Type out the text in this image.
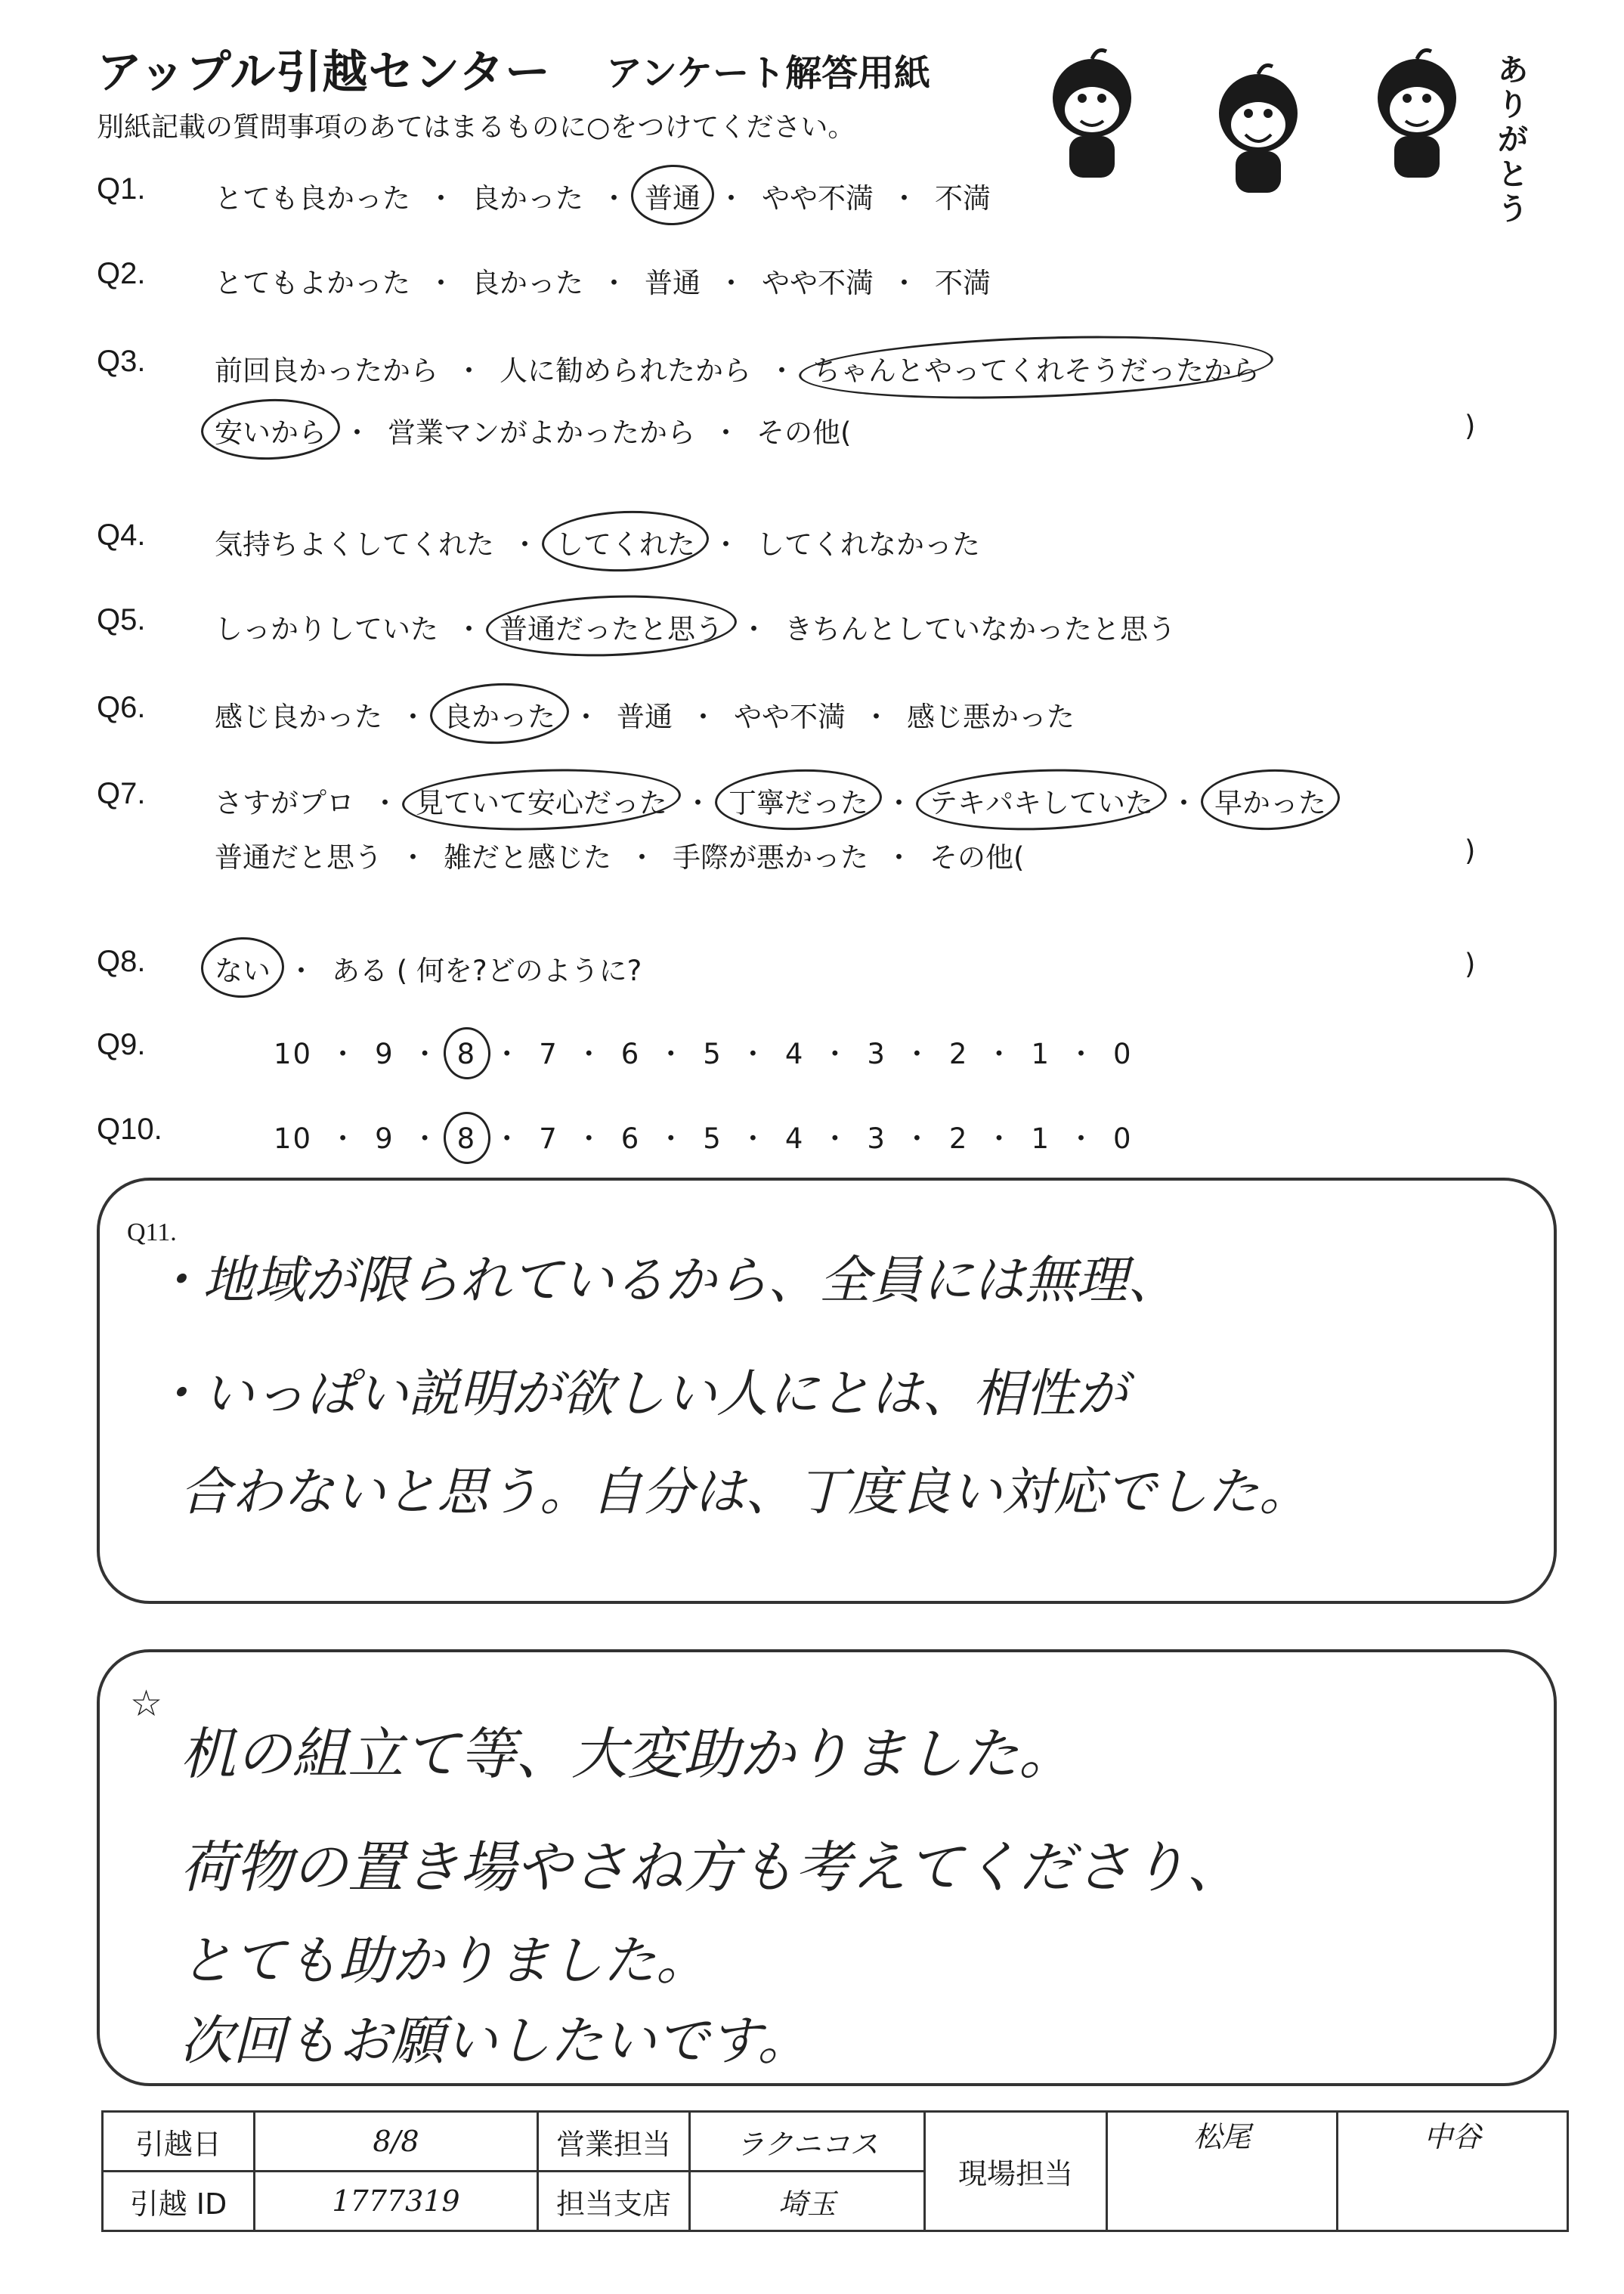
アップル引越センター アンケート解答用紙
別紙記載の質問事項のあてはまるものに○をつけてください。
ありがとう
Q1. とても良かった ・ 良かった ・ 普通 ・ やや不満 ・ 不満
Q2. とてもよかった ・ 良かった ・ 普通 ・ やや不満 ・ 不満
Q3. 前回良かったから ・ 人に勧められたから ・ ちゃんとやってくれそうだったから
安いから ・ 営業マンがよかったから ・ その他(	)
Q4. 気持ちよくしてくれた ・ してくれた ・ してくれなかった
Q5. しっかりしていた ・ 普通だったと思う ・ きちんとしていなかったと思う
Q6. 感じ良かった ・ 良かった ・ 普通 ・ やや不満 ・ 感じ悪かった
Q7. さすがプロ ・ 見ていて安心だった ・ 丁寧だった ・ テキパキしていた ・ 早かった
普通だと思う ・ 雑だと感じた ・ 手際が悪かった ・ その他(	)
Q8. ない ・ ある ( 何を?どのように?	)
Q9.	10 ・ 9 ・ 8 ・ 7 ・ 6 ・ 5 ・ 4 ・ 3 ・ 2 ・ 1 ・ 0
Q10.	10 ・ 9 ・ 8 ・ 7 ・ 6 ・ 5 ・ 4 ・ 3 ・ 2 ・ 1 ・ 0
Q11.
・地域が限られているから、全員には無理、
・いっぱい説明が欲しい人にとは、相性が
合わないと思う。自分は、丁度良い対応でした。
☆
机の組立て等、大変助かりました。
荷物の置き場やさね方も考えてくださり、
とても助かりました。
次回もお願いしたいです。
引越日	8/8	営業担当	ラクニコス	現場担当	松尾	中谷
引越 ID	1777319	担当支店	埼玉			
